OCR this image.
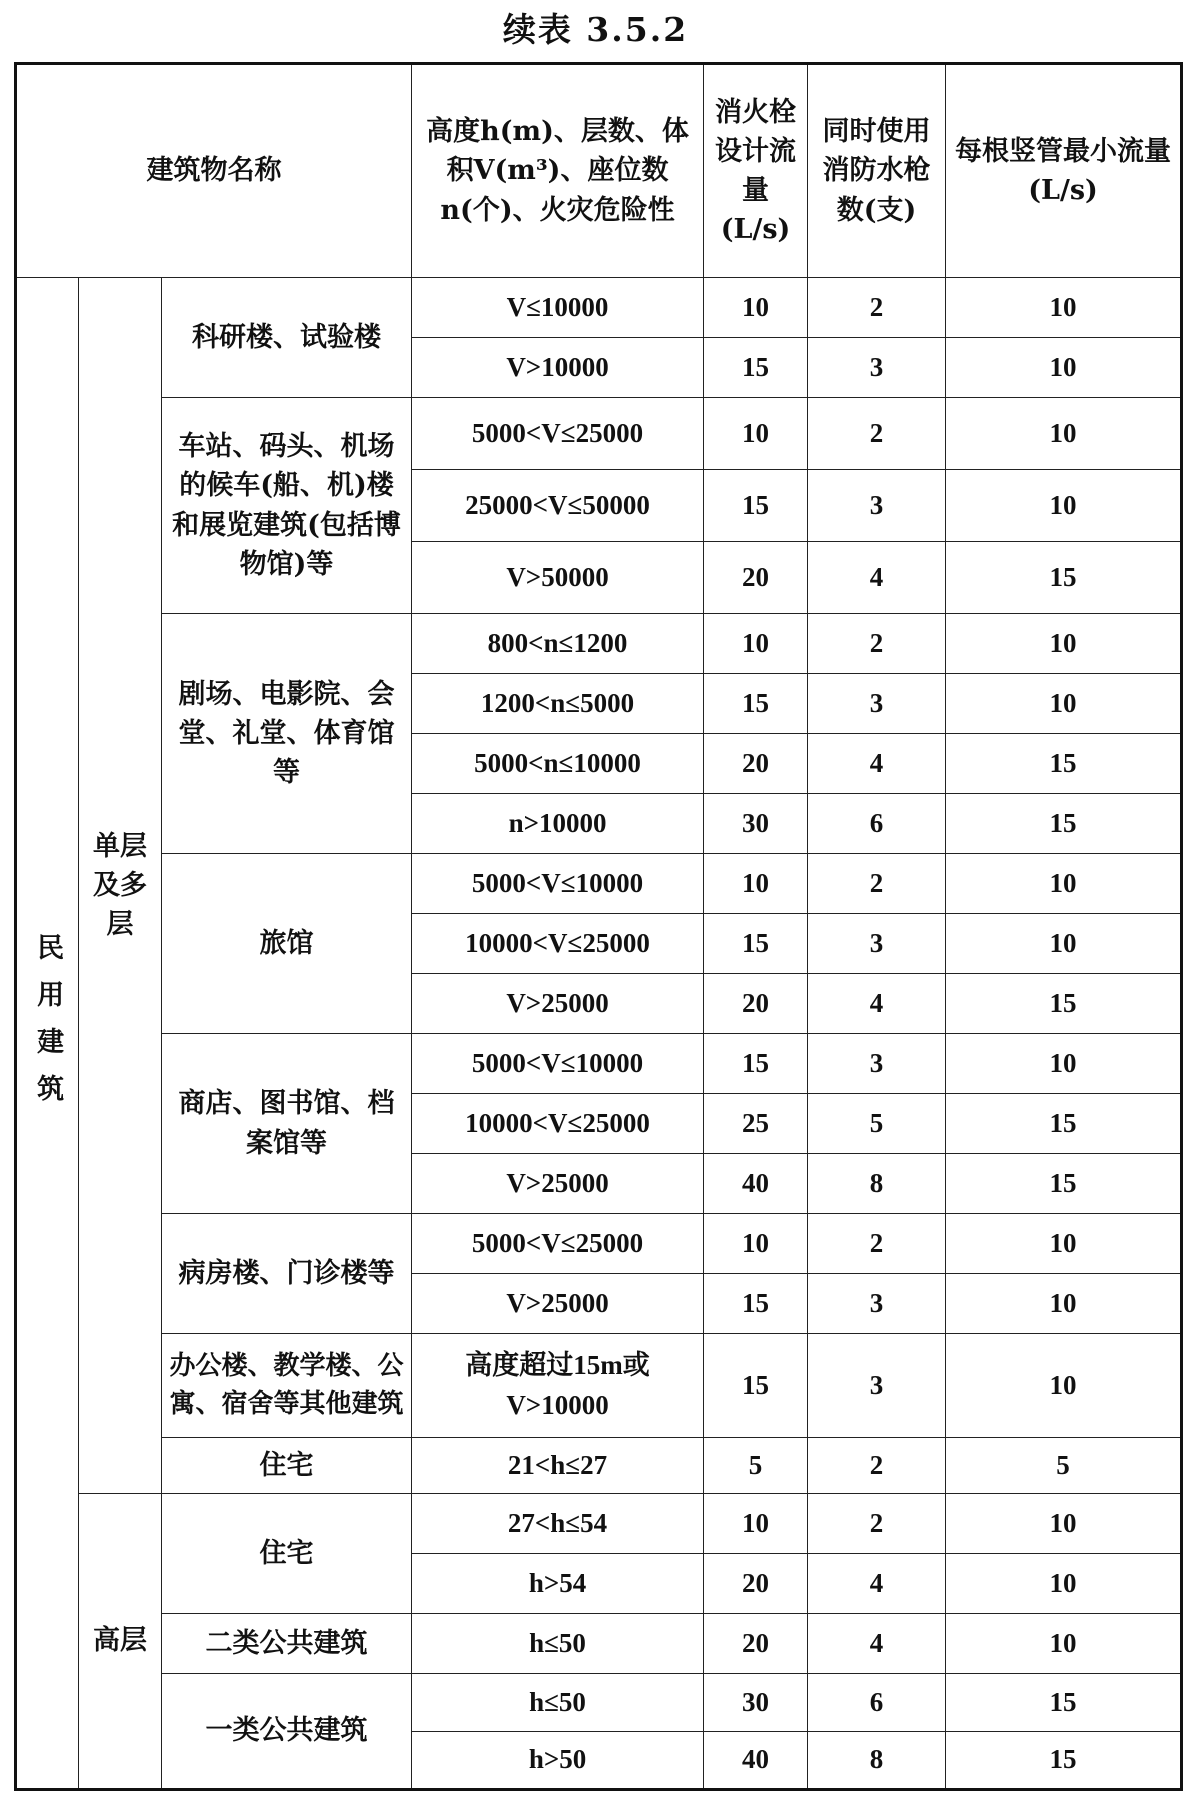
续表 3.5.2
建筑物名称			高度h(m)、层数、体积V(m³)、座位数n(个)、火灾危险性	消火栓设计流量(L/s)	同时使用消防水枪数(支)	每根竖管最小流量(L/s)
民用建筑	单层及多层	科研楼、试验楼	V≤10000	10	2	10
			V>10000	15	3	10
		车站、码头、机场的候车(船、机)楼和展览建筑(包括博物馆)等	5000<V≤25000	10	2	10
			25000<V≤50000	15	3	10
			V>50000	20	4	15
		剧场、电影院、会堂、礼堂、体育馆等	800<n≤1200	10	2	10
			1200<n≤5000	15	3	10
			5000<n≤10000	20	4	15
			n>10000	30	6	15
		旅馆	5000<V≤10000	10	2	10
			10000<V≤25000	15	3	10
			V>25000	20	4	15
		商店、图书馆、档案馆等	5000<V≤10000	15	3	10
			10000<V≤25000	25	5	15
			V>25000	40	8	15
		病房楼、门诊楼等	5000<V≤25000	10	2	10
			V>25000	15	3	10
		办公楼、教学楼、公寓、宿舍等其他建筑	高度超过15m或V>10000	15	3	10
		住宅	21<h≤27	5	2	5
	高层	住宅	27<h≤54	10	2	10
			h>54	20	4	10
		二类公共建筑	h≤50	20	4	10
		一类公共建筑	h≤50	30	6	15
			h>50	40	8	15
